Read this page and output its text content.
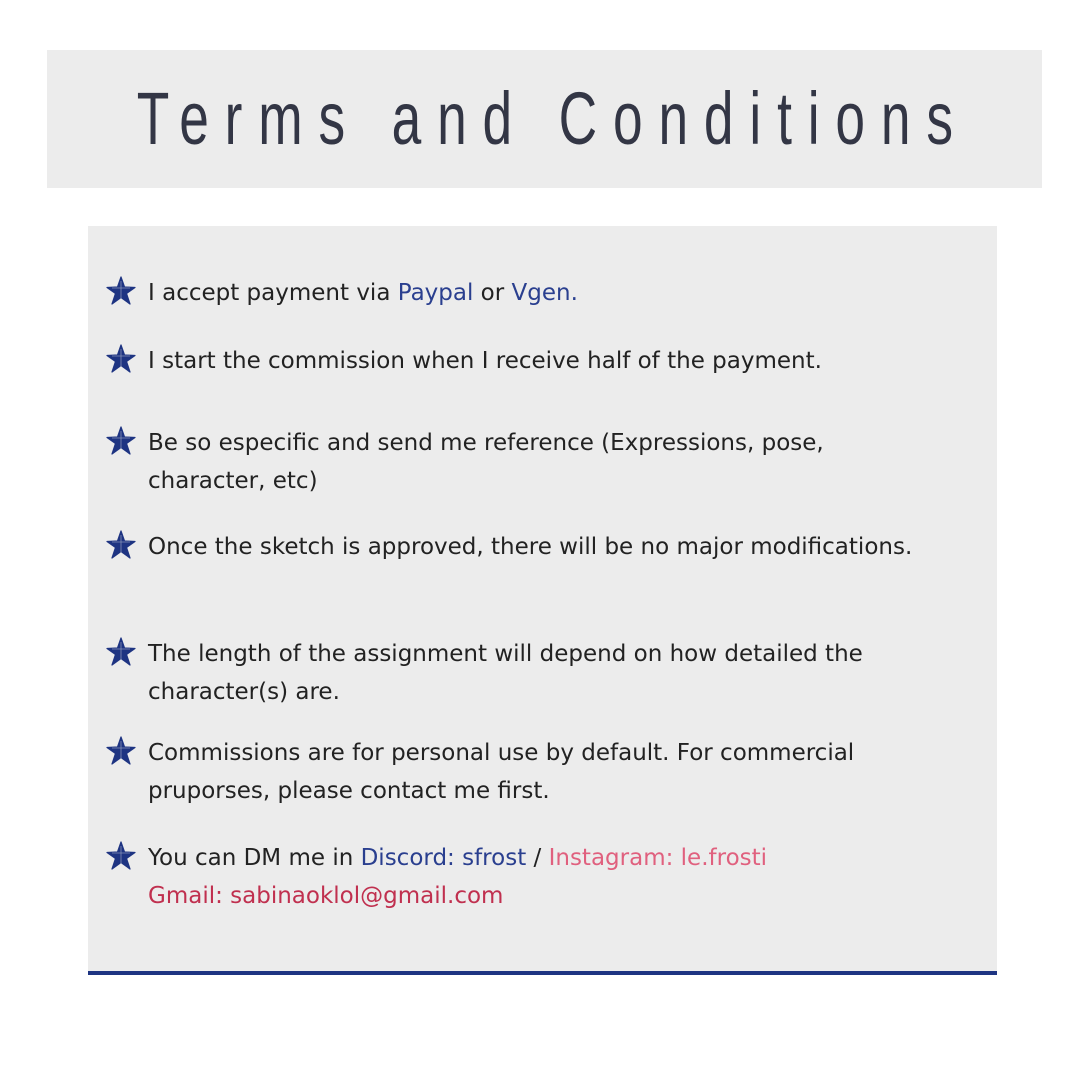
Terms and Conditions

I accept payment via Paypal or Vgen.

I start the commission when I receive half of the payment.

Be so especific and send me reference (Expressions, pose, character, etc)

Once the sketch is approved, there will be no major modifications.

The length of the assignment will depend on how detailed the character(s) are.

Commissions are for personal use by default. For commercial pruporses, please contact me first.

You can DM me in Discord: sfrost / Instagram: le.frosti
Gmail: sabinaoklol@gmail.com
